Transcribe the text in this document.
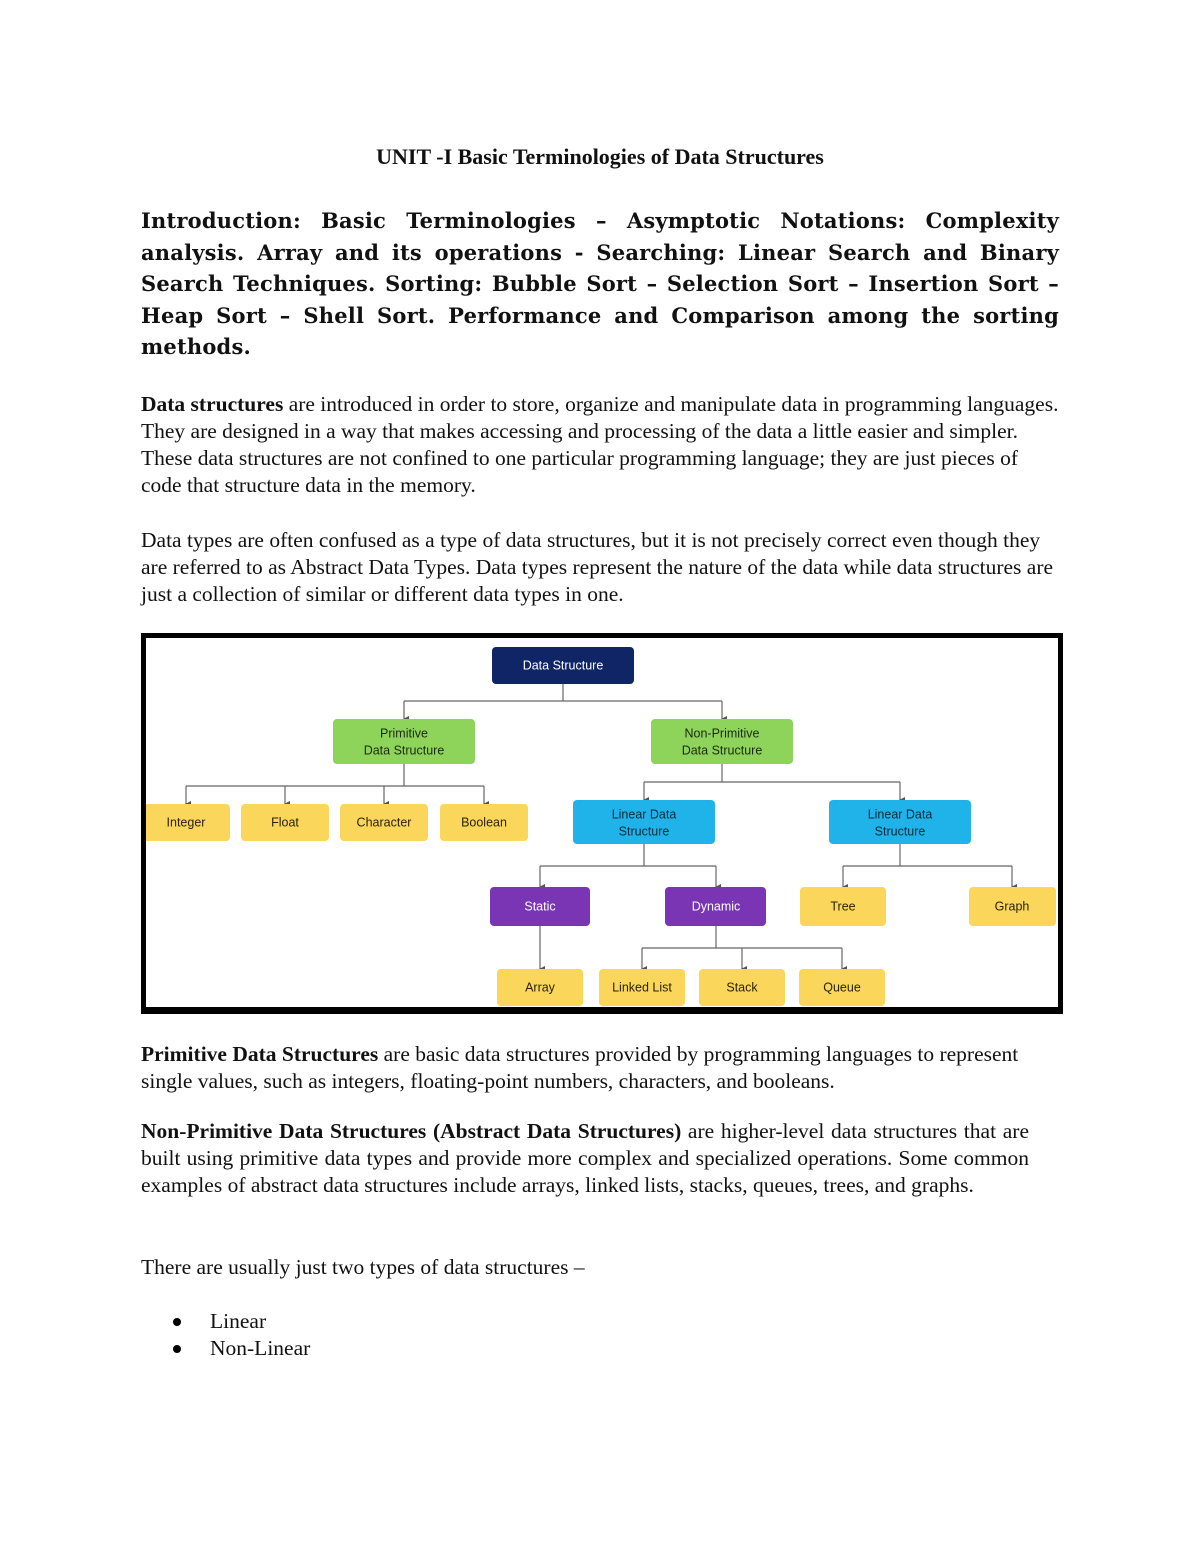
UNIT -I Basic Terminologies of Data Structures

Introduction: Basic Terminologies – Asymptotic Notations: Complexity analysis. Array and its operations - Searching: Linear Search and Binary Search Techniques. Sorting: Bubble Sort – Selection Sort – Insertion Sort – Heap Sort – Shell Sort. Performance and Comparison among the sorting methods.

Data structures are introduced in order to store, organize and manipulate data in programming languages. They are designed in a way that makes accessing and processing of the data a little easier and simpler. These data structures are not confined to one particular programming language; they are just pieces of code that structure data in the memory.

Data types are often confused as a type of data structures, but it is not precisely correct even though they are referred to as Abstract Data Types. Data types represent the nature of the data while data structures are just a collection of similar or different data types in one.

Data Structure
Primitive
Data Structure
Non-Primitive
Data Structure
Integer	Float	Character	Boolean
Linear Data
Structure
Linear Data
Structure
Static	Dynamic	Tree	Graph
Array	Linked List	Stack	Queue

Primitive Data Structures are basic data structures provided by programming languages to represent single values, such as integers, floating-point numbers, characters, and booleans.

Non-Primitive Data Structures (Abstract Data Structures) are higher-level data structures that are built using primitive data types and provide more complex and specialized operations. Some common examples of abstract data structures include arrays, linked lists, stacks, queues, trees, and graphs.

There are usually just two types of data structures –

Linear
Non-Linear
